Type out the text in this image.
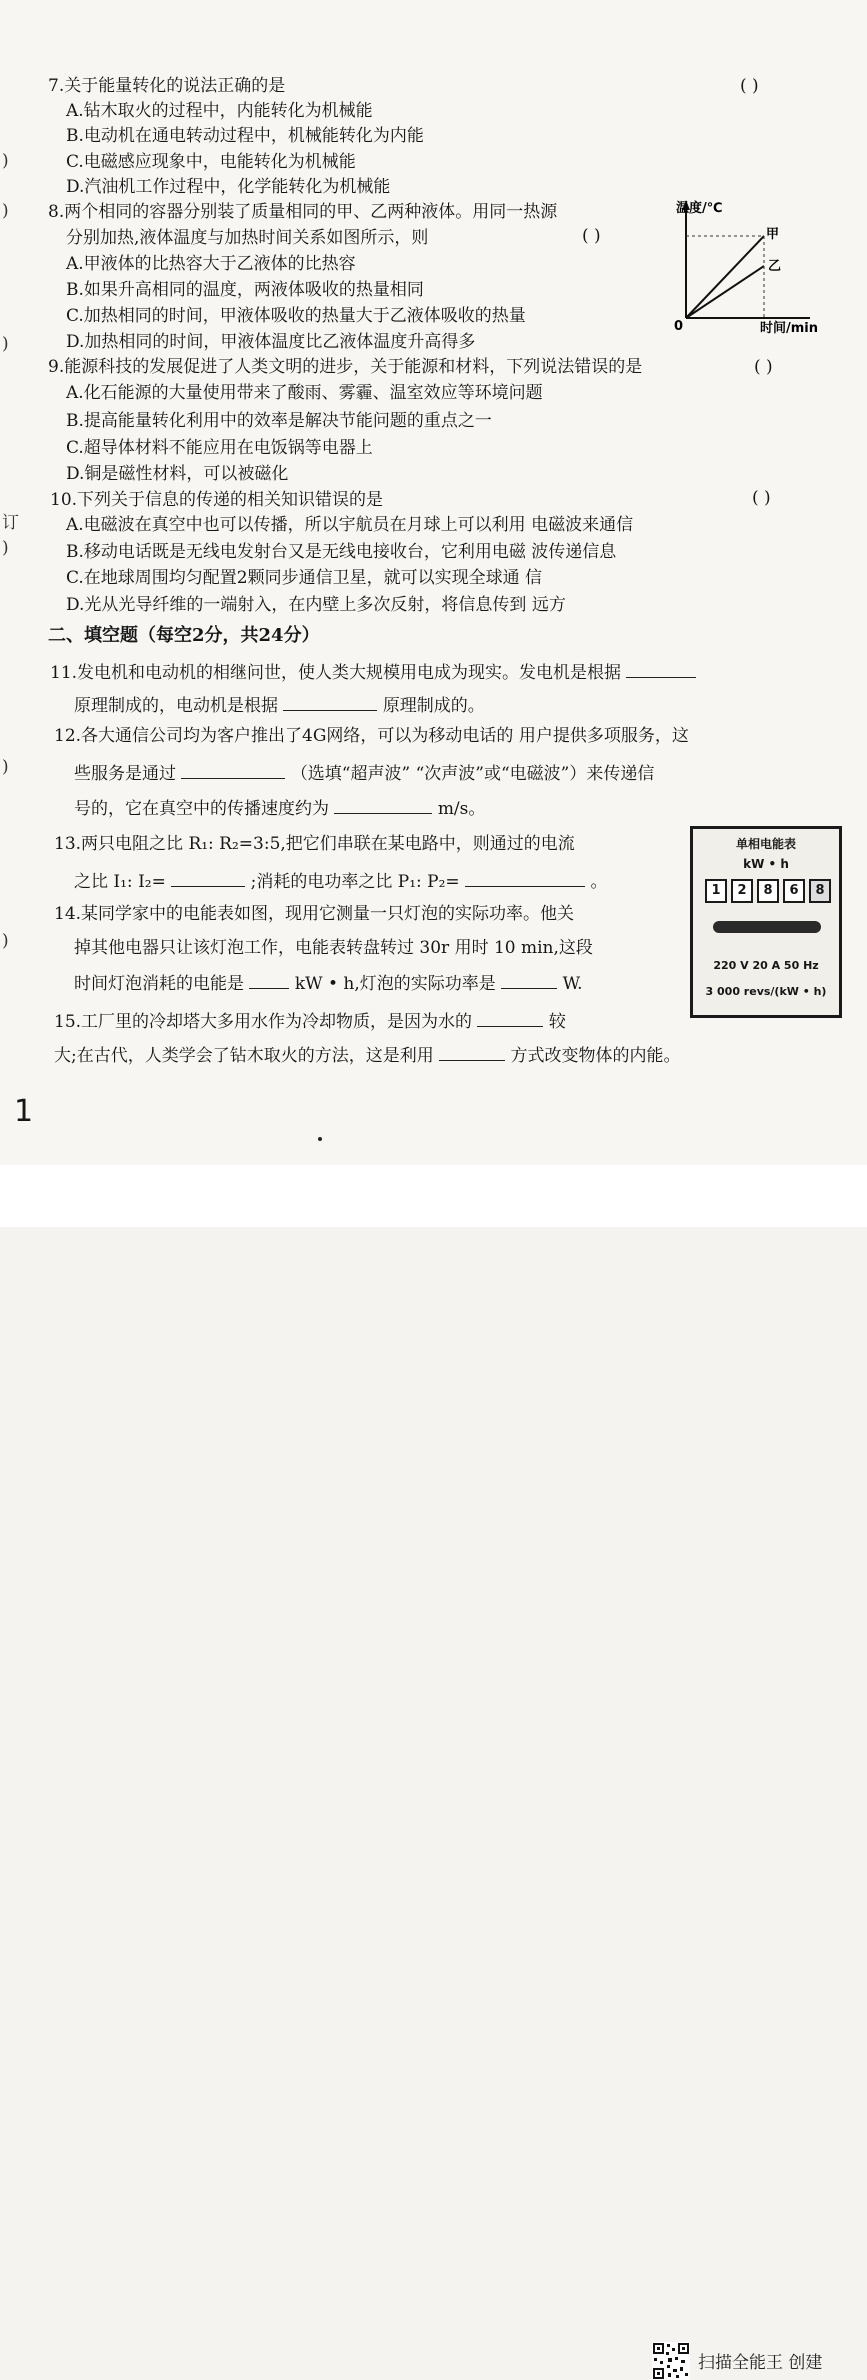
)
)
)
订
)
)
)
7.关于能量转化的说法正确的是	( )
A.钻木取火的过程中，内能转化为机械能
B.电动机在通电转动过程中，机械能转化为内能
C.电磁感应现象中，电能转化为机械能
D.汽油机工作过程中，化学能转化为机械能
8.两个相同的容器分别装了质量相同的甲、乙两种液体。用同一热源
分别加热,液体温度与加热时间关系如图所示，则	( )
A.甲液体的比热容大于乙液体的比热容
B.如果升高相同的温度，两液体吸收的热量相同
C.加热相同的时间，甲液体吸收的热量大于乙液体吸收的热量
D.加热相同的时间，甲液体温度比乙液体温度升高得多
温度/℃
甲
乙
0	时间/min
9.能源科技的发展促进了人类文明的进步，关于能源和材料，下列说法错误的是	( )
A.化石能源的大量使用带来了酸雨、雾霾、温室效应等环境问题
B.提高能量转化利用中的效率是解决节能问题的重点之一
C.超导体材料不能应用在电饭锅等电器上
D.铜是磁性材料，可以被磁化
10.下列关于信息的传递的相关知识错误的是	( )
A.电磁波在真空中也可以传播，所以宇航员在月球上可以利用 电磁波来通信
B.移动电话既是无线电发射台又是无线电接收台，它利用电磁 波传递信息
C.在地球周围均匀配置2颗同步通信卫星，就可以实现全球通 信
D.光从光导纤维的一端射入，在内壁上多次反射，将信息传到 远方
二、填空题（每空2分，共24分）
11.发电机和电动机的相继问世，使人类大规模用电成为现实。发电机是根据
原理制成的，电动机是根据	原理制成的。
12.各大通信公司均为客户推出了4G网络，可以为移动电话的 用户提供多项服务，这
些服务是通过	（选填“超声波” “次声波”或“电磁波”）来传递信
号的，它在真空中的传播速度约为	m/s。
13.两只电阻之比 R₁: R₂=3:5,把它们串联在某电路中，则通过的电流
之比 I₁: I₂=	;消耗的电功率之比 P₁: P₂=	。
14.某同学家中的电能表如图，现用它测量一只灯泡的实际功率。他关
掉其他电器只让该灯泡工作，电能表转盘转过 30r 用时 10 min,这段
时间灯泡消耗的电能是	kW • h,灯泡的实际功率是	W.
15.工厂里的冷却塔大多用水作为冷却物质，是因为水的	较
大;在古代，人类学会了钻木取火的方法，这是利用	方式改变物体的内能。
单相电能表
kW • h
1	2	8	6	8
220 V 20 A 50 Hz
3 000 revs/(kW • h)
1
扫描全能王 创建
